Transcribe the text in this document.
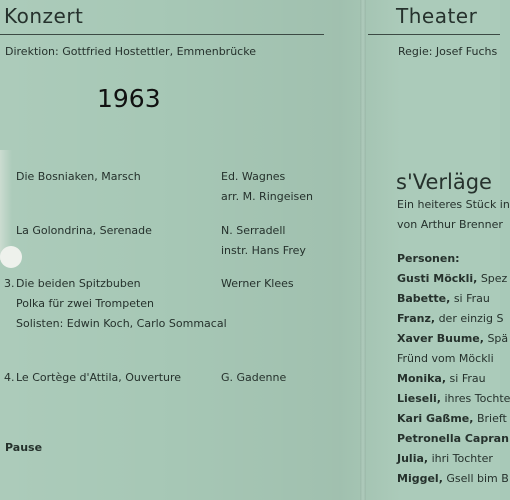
Konzert
Direktion: Gottfried Hostettler, Emmenbrücke
1963
Die Bosniaken, Marsch	Ed. Wagnes
arr. M. Ringeisen
La Golondrina, Serenade	N. Serradell
instr. Hans Frey
3. Die beiden Spitzbuben	Werner Klees
Polka für zwei Trompeten
Solisten: Edwin Koch, Carlo Sommacal
4. Le Cortège d'Attila, Ouverture	G. Gadenne
Pause
Theater
Regie: Josef Fuchs
s'Verläge
Ein heiteres Stück in
von Arthur Brenner
Personen:
Gusti Möckli, Spez
Babette, si Frau
Franz, der einzig S
Xaver Buume, Spä
Fründ vom Möckli
Monika, si Frau
Lieseli, ihres Tochte
Kari Gaßme, Brieft
Petronella Capran
Julia, ihri Tochter
Miggel, Gsell bim B
